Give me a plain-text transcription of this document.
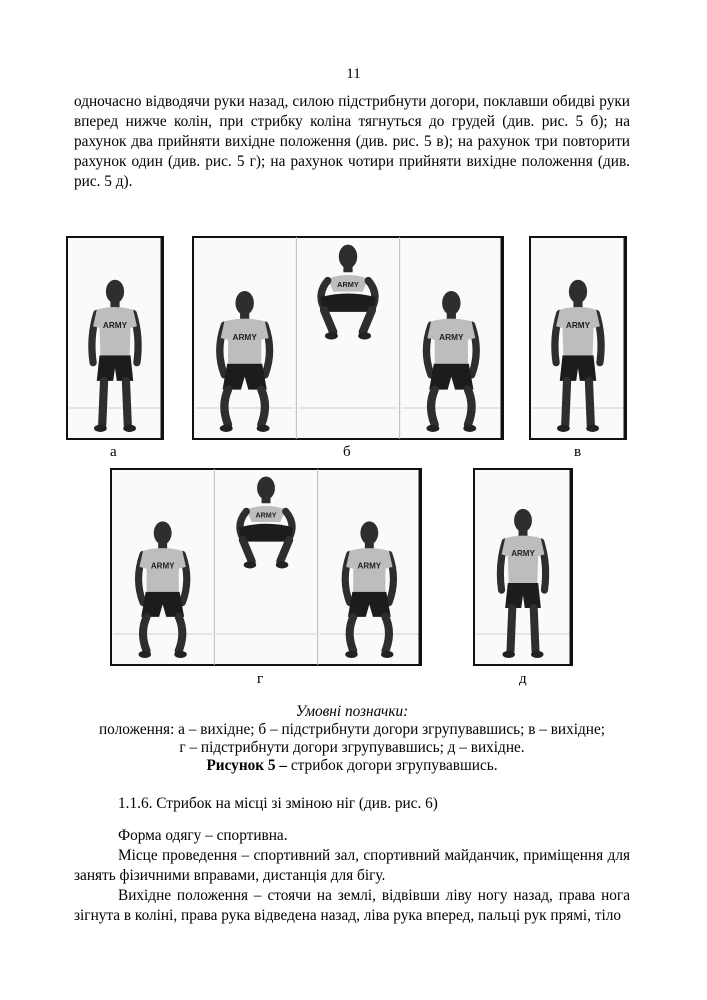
11

одночасно відводячи руки назад, силою підстрибнути догори, поклавши обидві руки вперед нижче колін, при стрибку коліна тягнуться до грудей (див. рис. 5 б); на рахунок два прийняти вихідне положення (див. рис. 5 в); на рахунок три повторити рахунок один (див. рис. 5 г); на рахунок чотири прийняти вихідне положення (див. рис. 5 д).

ARMY
ARMY
ARMY
ARMY
ARMY
ARMY
ARMY
ARMY
ARMY
а	б	в
г	д
Умовні позначки:
положення: а – вихідне; б – підстрибнути догори згрупувавшись; в – вихідне;
г – підстрибнути догори згрупувавшись; д – вихідне.
Рисунок 5 – стрибок догори згрупувавшись.

1.1.6. Стрибок на місці зі зміною ніг (див. рис. 6)

Форма одягу – спортивна.

Місце проведення – спортивний зал, спортивний майданчик, приміщення для занять фізичними вправами, дистанція для бігу.

Вихідне положення – стоячи на землі, відвівши ліву ногу назад, права нога зігнута в коліні, права рука відведена назад, ліва рука вперед, пальці рук прямі, тіло
